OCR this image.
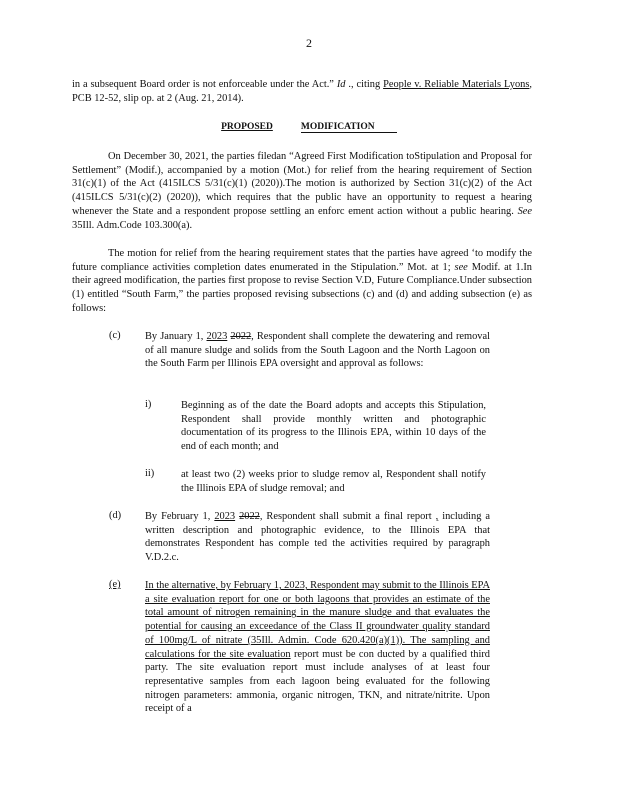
2
in a subsequent Board order is not enforceable under the Act.” Id ., citing People v. Reliable Materials Lyons, PCB 12-52, slip op. at 2 (Aug. 21, 2014).
PROPOSED	MODIFICATION
On December 30, 2021, the parties filedan “Agreed First Modification toStipulation and Proposal for Settlement” (Modif.), accompanied by a motion (Mot.) for relief from the hearing requirement of Section 31(c)(1) of the Act (415ILCS 5/31(c)(1) (2020)).The motion is authorized by Section 31(c)(2) of the Act (415ILCS 5/31(c)(2) (2020)), which requires that the public have an opportunity to request a hearing whenever the State and a respondent propose settling an enforc ement action without a public hearing. See 35Ill. Adm.Code 103.300(a).
The motion for relief from the hearing requirement states that the parties have agreed ‘to modify the future compliance activities completion dates enumerated in the Stipulation.” Mot. at 1; see Modif. at 1.In their agreed modification, the parties first propose to revise Section V.D, Future Compliance.Under subsection (1) entitled “South Farm,” the parties proposed revising subsections (c) and (d) and adding subsection (e) as follows:
(c) By January 1, 2023 2022, Respondent shall complete the dewatering and removal of all manure sludge and solids from the South Lagoon and the North Lagoon on the South Farm per Illinois EPA oversight and approval as follows:
i)	Beginning as of the date the Board adopts and accepts this Stipulation, Respondent shall provide monthly written and photographic documentation of its progress to the Illinois EPA, within 10 days of the end of each month; and
ii)	at least two (2) weeks prior to sludge remov al, Respondent shall notify the Illinois EPA of sludge removal; and
(d) By February 1, 2023 2022, Respondent shall submit a final report , including a written description and photographic evidence, to the Illinois EPA that demonstrates Respondent has comple ted the activities required by paragraph V.D.2.c.
(e) In the alternative, by February 1, 2023, Respondent may submit to the Illinois EPA a site evaluation report for one or both lagoons that provides an estimate of the total amount of nitrogen remaining in the manure sludge and that evaluates the potential for causing an exceedance of the Class II groundwater quality standard of 100mg/L of nitrate (35Ill. Admin. Code 620.420(a)(1)). The sampling and calculations for the site evaluation report must be con ducted by a qualified third party. The site evaluation report must include analyses of at least four representative samples from each lagoon being evaluated for the following nitrogen parameters: ammonia, organic nitrogen, TKN, and nitrate/nitrite. Upon receipt of a
